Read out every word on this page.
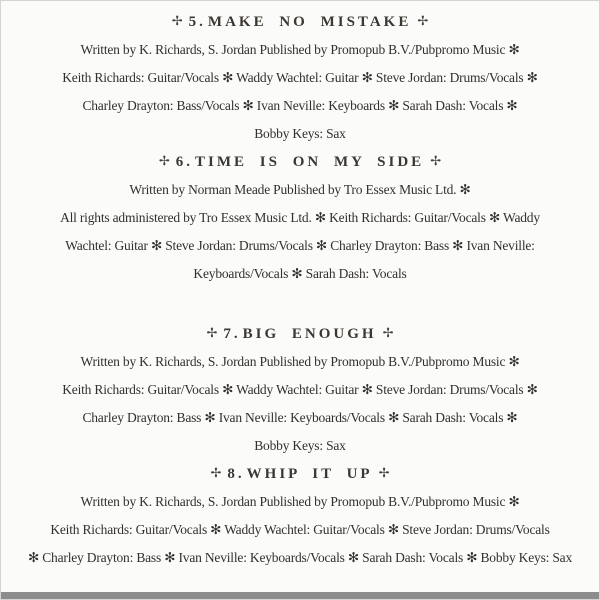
✢ 5. MAKE NO MISTAKE ✢
Written by K. Richards, S. Jordan Published by Promopub B.V./Pubpromo Music ✻
Keith Richards: Guitar/Vocals ✻ Waddy Wachtel: Guitar ✻ Steve Jordan: Drums/Vocals ✻
Charley Drayton: Bass/Vocals ✻ Ivan Neville: Keyboards ✻ Sarah Dash: Vocals ✻
Bobby Keys: Sax
✢ 6. TIME IS ON MY SIDE ✢
Written by Norman Meade Published by Tro Essex Music Ltd. ✻
All rights administered by Tro Essex Music Ltd. ✻ Keith Richards: Guitar/Vocals ✻ Waddy
Wachtel: Guitar ✻ Steve Jordan: Drums/Vocals ✻ Charley Drayton: Bass ✻ Ivan Neville:
Keyboards/Vocals ✻ Sarah Dash: Vocals
✢ 7. BIG ENOUGH ✢
Written by K. Richards, S. Jordan Published by Promopub B.V./Pubpromo Music ✻
Keith Richards: Guitar/Vocals ✻ Waddy Wachtel: Guitar ✻ Steve Jordan: Drums/Vocals ✻
Charley Drayton: Bass ✻ Ivan Neville: Keyboards/Vocals ✻ Sarah Dash: Vocals ✻
Bobby Keys: Sax
✢ 8. WHIP IT UP ✢
Written by K. Richards, S. Jordan Published by Promopub B.V./Pubpromo Music ✻
Keith Richards: Guitar/Vocals ✻ Waddy Wachtel: Guitar/Vocals ✻ Steve Jordan: Drums/Vocals
✻ Charley Drayton: Bass ✻ Ivan Neville: Keyboards/Vocals ✻ Sarah Dash: Vocals ✻ Bobby Keys: Sax
